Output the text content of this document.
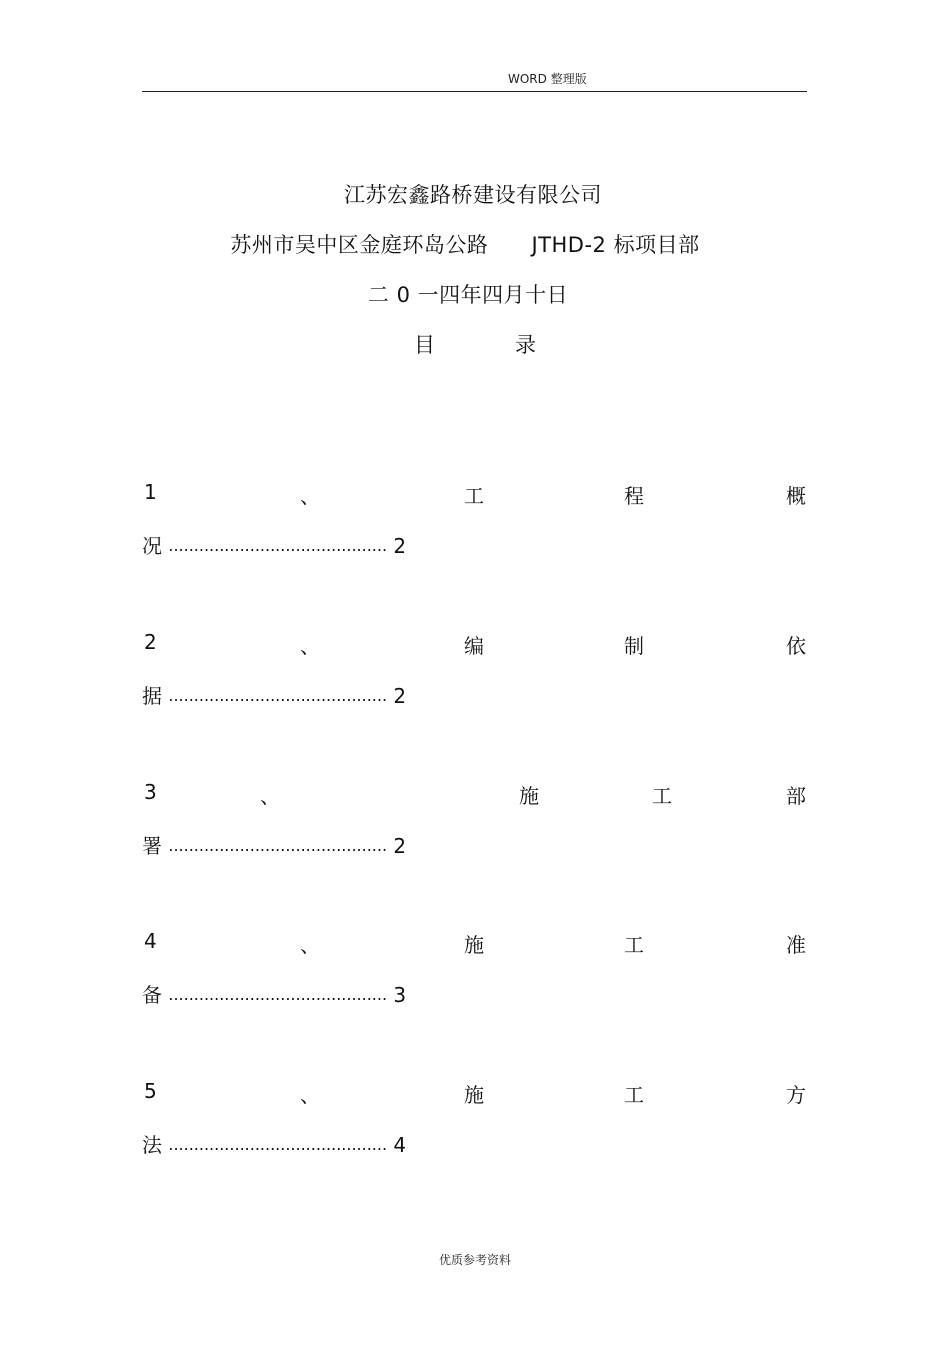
WORD 整理版
江苏宏鑫路桥建设有限公司
苏州市吴中区金庭环岛公路      JTHD-2 标项目部
二 0 一四年四月十日
目	录
1	、	工	程	概
况 ........................................... 2
2	、	编	制	依
据 ........................................... 2
3	、	施	工	部
署 ........................................... 2
4	、	施	工	准
备 ........................................... 3
5	、	施	工	方
法 ........................................... 4
优质参考资料
